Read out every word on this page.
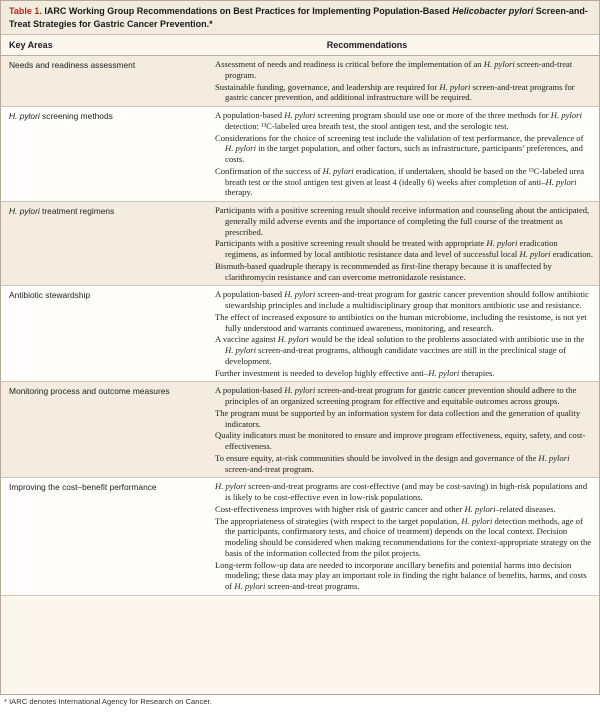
Table 1. IARC Working Group Recommendations on Best Practices for Implementing Population-Based Helicobacter pylori Screen-and-Treat Strategies for Gastric Cancer Prevention.*
Key Areas	Recommendations
Needs and readiness assessment	Assessment of needs and readiness is critical before the implementation of an H. pylori screen-and-treat program.

Sustainable funding, governance, and leadership are required for H. pylori screen-and-treat programs for gastric cancer prevention, and additional infrastructure will be required.

H. pylori screening methods	A population-based H. pylori screening program should use one or more of the three methods for H. pylori detection: ¹³C-labeled urea breath test, the stool antigen test, and the serologic test.

Considerations for the choice of screening test include the validation of test performance, the prevalence of H. pylori in the target population, and other factors, such as infrastructure, participants’ preferences, and costs.

Confirmation of the success of H. pylori eradication, if undertaken, should be based on the ¹³C-labeled urea breath test or the stool antigen test given at least 4 (ideally 6) weeks after completion of anti–H. pylori therapy.

H. pylori treatment regimens	Participants with a positive screening result should receive information and counseling about the anticipated, generally mild adverse events and the importance of completing the full course of the treatment as prescribed.

Participants with a positive screening result should be treated with appropriate H. pylori eradication regimens, as informed by local antibiotic resistance data and level of successful local H. pylori eradication.

Bismuth-based quadruple therapy is recommended as first-line therapy because it is unaffected by clarithromycin resistance and can overcome metronidazole resistance.

Antibiotic stewardship	A population-based H. pylori screen-and-treat program for gastric cancer prevention should follow antibiotic stewardship principles and include a multidisciplinary group that monitors antibiotic use and resistance.

The effect of increased exposure to antibiotics on the human microbiome, including the resistome, is not yet fully understood and warrants continued awareness, monitoring, and research.

A vaccine against H. pylori would be the ideal solution to the problems associated with antibiotic use in the H. pylori screen-and-treat programs, although candidate vaccines are still in the preclinical stage of development.

Further investment is needed to develop highly effective anti–H. pylori therapies.

Monitoring process and outcome measures	A population-based H. pylori screen-and-treat program for gastric cancer prevention should adhere to the principles of an organized screening program for effective and equitable outcomes across groups.

The program must be supported by an information system for data collection and the generation of quality indicators.

Quality indicators must be monitored to ensure and improve program effectiveness, equity, safety, and cost-effectiveness.

To ensure equity, at-risk communities should be involved in the design and governance of the H. pylori screen-and-treat program.

Improving the cost–benefit performance	H. pylori screen-and-treat programs are cost-effective (and may be cost-saving) in high-risk populations and is likely to be cost-effective even in low-risk populations.

Cost-effectiveness improves with higher risk of gastric cancer and other H. pylori–related diseases.

The appropriateness of strategies (with respect to the target population, H. pylori detection methods, age of the participants, confirmatory tests, and choice of treatment) depends on the local context. Decision modeling should be considered when making recommendations for the context-appropriate strategy on the basis of the information collected from the pilot projects.

Long-term follow-up data are needed to incorporate ancillary benefits and potential harms into decision modeling; these data may play an important role in finding the right balance of benefits, harms, and costs of H. pylori screen-and-treat programs.

* IARC denotes International Agency for Research on Cancer.
